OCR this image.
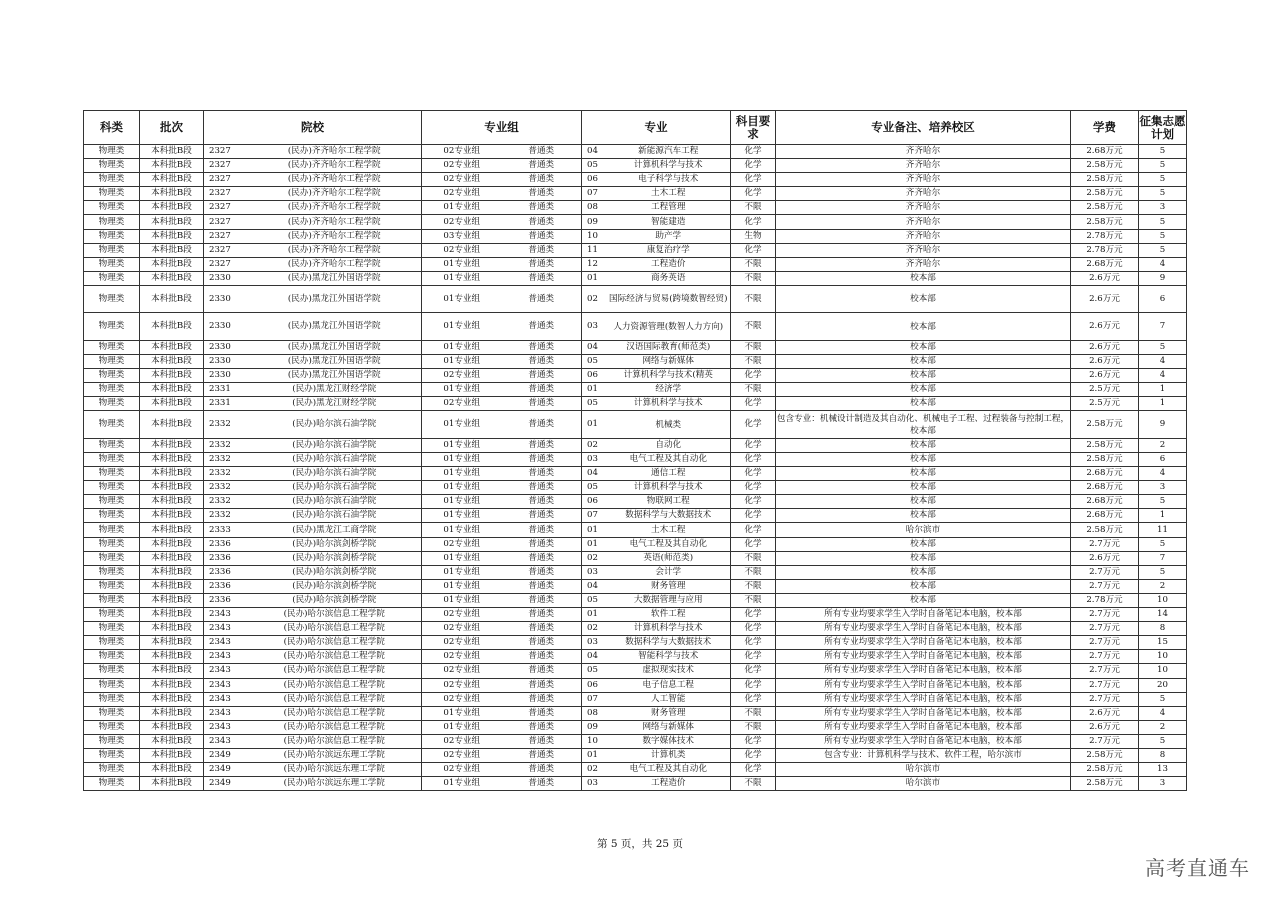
科类	批次	院校		专业组		专业		科目要求	专业备注、培养校区	学费	征集志愿计划
物理类	本科批B段	2327	(民办)齐齐哈尔工程学院	02专业组	普通类	04	新能源汽车工程	化学	齐齐哈尔	2.68万元	5
物理类	本科批B段	2327	(民办)齐齐哈尔工程学院	02专业组	普通类	05	计算机科学与技术	化学	齐齐哈尔	2.58万元	5
物理类	本科批B段	2327	(民办)齐齐哈尔工程学院	02专业组	普通类	06	电子科学与技术	化学	齐齐哈尔	2.58万元	5
物理类	本科批B段	2327	(民办)齐齐哈尔工程学院	02专业组	普通类	07	土木工程	化学	齐齐哈尔	2.58万元	5
物理类	本科批B段	2327	(民办)齐齐哈尔工程学院	01专业组	普通类	08	工程管理	不限	齐齐哈尔	2.58万元	3
物理类	本科批B段	2327	(民办)齐齐哈尔工程学院	02专业组	普通类	09	智能建造	化学	齐齐哈尔	2.58万元	5
物理类	本科批B段	2327	(民办)齐齐哈尔工程学院	03专业组	普通类	10	助产学	生物	齐齐哈尔	2.78万元	5
物理类	本科批B段	2327	(民办)齐齐哈尔工程学院	02专业组	普通类	11	康复治疗学	化学	齐齐哈尔	2.78万元	5
物理类	本科批B段	2327	(民办)齐齐哈尔工程学院	01专业组	普通类	12	工程造价	不限	齐齐哈尔	2.68万元	4
物理类	本科批B段	2330	(民办)黑龙江外国语学院	01专业组	普通类	01	商务英语	不限	校本部	2.6万元	9
物理类	本科批B段	2330	(民办)黑龙江外国语学院	01专业组	普通类	02	国际经济与贸易(跨境数智经贸)	不限	校本部	2.6万元	6
物理类	本科批B段	2330	(民办)黑龙江外国语学院	01专业组	普通类	03	人力资源管理(数智人力方向)	不限	校本部	2.6万元	7
物理类	本科批B段	2330	(民办)黑龙江外国语学院	01专业组	普通类	04	汉语国际教育(师范类)	不限	校本部	2.6万元	5
物理类	本科批B段	2330	(民办)黑龙江外国语学院	01专业组	普通类	05	网络与新媒体	不限	校本部	2.6万元	4
物理类	本科批B段	2330	(民办)黑龙江外国语学院	02专业组	普通类	06	计算机科学与技术(精英	化学	校本部	2.6万元	4
物理类	本科批B段	2331	(民办)黑龙江财经学院	01专业组	普通类	01	经济学	不限	校本部	2.5万元	1
物理类	本科批B段	2331	(民办)黑龙江财经学院	02专业组	普通类	05	计算机科学与技术	化学	校本部	2.5万元	1
物理类	本科批B段	2332	(民办)哈尔滨石油学院	01专业组	普通类	01	机械类	化学	包含专业：机械设计制造及其自动化、机械电子工程、过程装备与控制工程，校本部	2.58万元	9
物理类	本科批B段	2332	(民办)哈尔滨石油学院	01专业组	普通类	02	自动化	化学	校本部	2.58万元	2
物理类	本科批B段	2332	(民办)哈尔滨石油学院	01专业组	普通类	03	电气工程及其自动化	化学	校本部	2.58万元	6
物理类	本科批B段	2332	(民办)哈尔滨石油学院	01专业组	普通类	04	通信工程	化学	校本部	2.68万元	4
物理类	本科批B段	2332	(民办)哈尔滨石油学院	01专业组	普通类	05	计算机科学与技术	化学	校本部	2.68万元	3
物理类	本科批B段	2332	(民办)哈尔滨石油学院	01专业组	普通类	06	物联网工程	化学	校本部	2.68万元	5
物理类	本科批B段	2332	(民办)哈尔滨石油学院	01专业组	普通类	07	数据科学与大数据技术	化学	校本部	2.68万元	1
物理类	本科批B段	2333	(民办)黑龙江工商学院	01专业组	普通类	01	土木工程	化学	哈尔滨市	2.58万元	11
物理类	本科批B段	2336	(民办)哈尔滨剑桥学院	02专业组	普通类	01	电气工程及其自动化	化学	校本部	2.7万元	5
物理类	本科批B段	2336	(民办)哈尔滨剑桥学院	01专业组	普通类	02	英语(师范类)	不限	校本部	2.6万元	7
物理类	本科批B段	2336	(民办)哈尔滨剑桥学院	01专业组	普通类	03	会计学	不限	校本部	2.7万元	5
物理类	本科批B段	2336	(民办)哈尔滨剑桥学院	01专业组	普通类	04	财务管理	不限	校本部	2.7万元	2
物理类	本科批B段	2336	(民办)哈尔滨剑桥学院	01专业组	普通类	05	大数据管理与应用	不限	校本部	2.78万元	10
物理类	本科批B段	2343	(民办)哈尔滨信息工程学院	02专业组	普通类	01	软件工程	化学	所有专业均要求学生入学时自备笔记本电脑，校本部	2.7万元	14
物理类	本科批B段	2343	(民办)哈尔滨信息工程学院	02专业组	普通类	02	计算机科学与技术	化学	所有专业均要求学生入学时自备笔记本电脑，校本部	2.7万元	8
物理类	本科批B段	2343	(民办)哈尔滨信息工程学院	02专业组	普通类	03	数据科学与大数据技术	化学	所有专业均要求学生入学时自备笔记本电脑，校本部	2.7万元	15
物理类	本科批B段	2343	(民办)哈尔滨信息工程学院	02专业组	普通类	04	智能科学与技术	化学	所有专业均要求学生入学时自备笔记本电脑，校本部	2.7万元	10
物理类	本科批B段	2343	(民办)哈尔滨信息工程学院	02专业组	普通类	05	虚拟现实技术	化学	所有专业均要求学生入学时自备笔记本电脑，校本部	2.7万元	10
物理类	本科批B段	2343	(民办)哈尔滨信息工程学院	02专业组	普通类	06	电子信息工程	化学	所有专业均要求学生入学时自备笔记本电脑，校本部	2.7万元	20
物理类	本科批B段	2343	(民办)哈尔滨信息工程学院	02专业组	普通类	07	人工智能	化学	所有专业均要求学生入学时自备笔记本电脑，校本部	2.7万元	5
物理类	本科批B段	2343	(民办)哈尔滨信息工程学院	01专业组	普通类	08	财务管理	不限	所有专业均要求学生入学时自备笔记本电脑，校本部	2.6万元	4
物理类	本科批B段	2343	(民办)哈尔滨信息工程学院	01专业组	普通类	09	网络与新媒体	不限	所有专业均要求学生入学时自备笔记本电脑，校本部	2.6万元	2
物理类	本科批B段	2343	(民办)哈尔滨信息工程学院	02专业组	普通类	10	数字媒体技术	化学	所有专业均要求学生入学时自备笔记本电脑，校本部	2.7万元	5
物理类	本科批B段	2349	(民办)哈尔滨远东理工学院	02专业组	普通类	01	计算机类	化学	包含专业：计算机科学与技术、软件工程，哈尔滨市	2.58万元	8
物理类	本科批B段	2349	(民办)哈尔滨远东理工学院	02专业组	普通类	02	电气工程及其自动化	化学	哈尔滨市	2.58万元	13
物理类	本科批B段	2349	(民办)哈尔滨远东理工学院	01专业组	普通类	03	工程造价	不限	哈尔滨市	2.58万元	3
第 5 页，共 25 页
高考直通车
